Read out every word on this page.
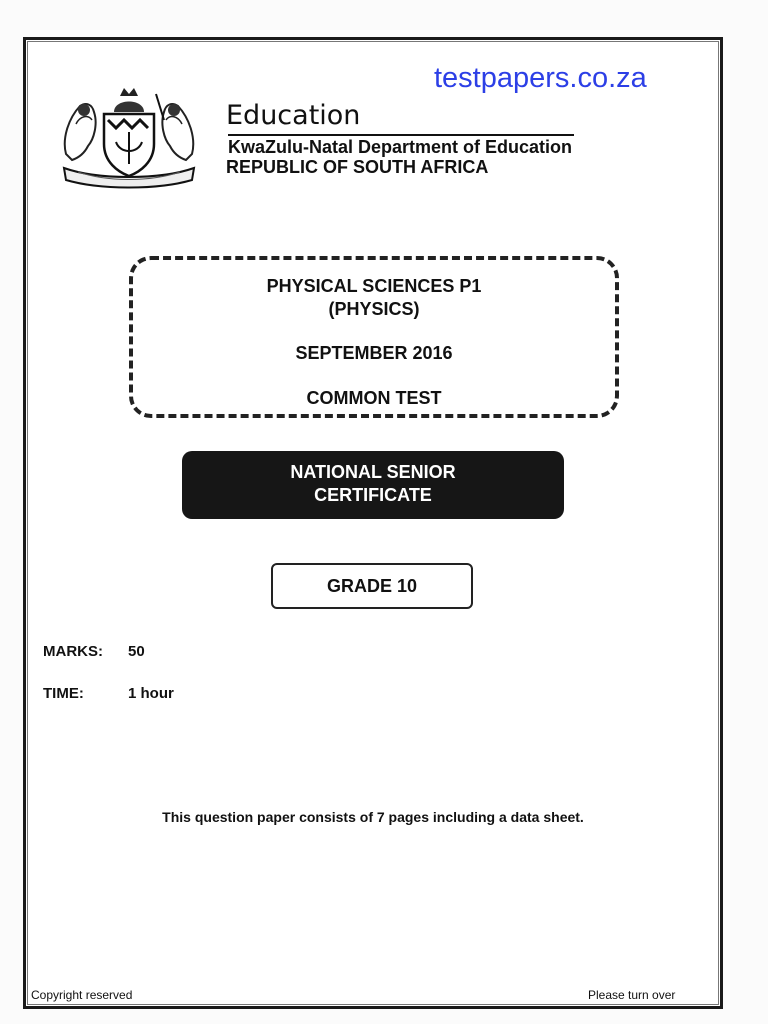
testpapers.co.za
Education
KwaZulu-Natal Department of Education
REPUBLIC OF SOUTH AFRICA
PHYSICAL SCIENCES P1
(PHYSICS)
SEPTEMBER 2016
COMMON TEST
NATIONAL SENIOR
CERTIFICATE
GRADE 10
MARKS: 50
TIME:	1 hour
This question paper consists of 7 pages including a data sheet.
Copyright reserved	Please turn over
